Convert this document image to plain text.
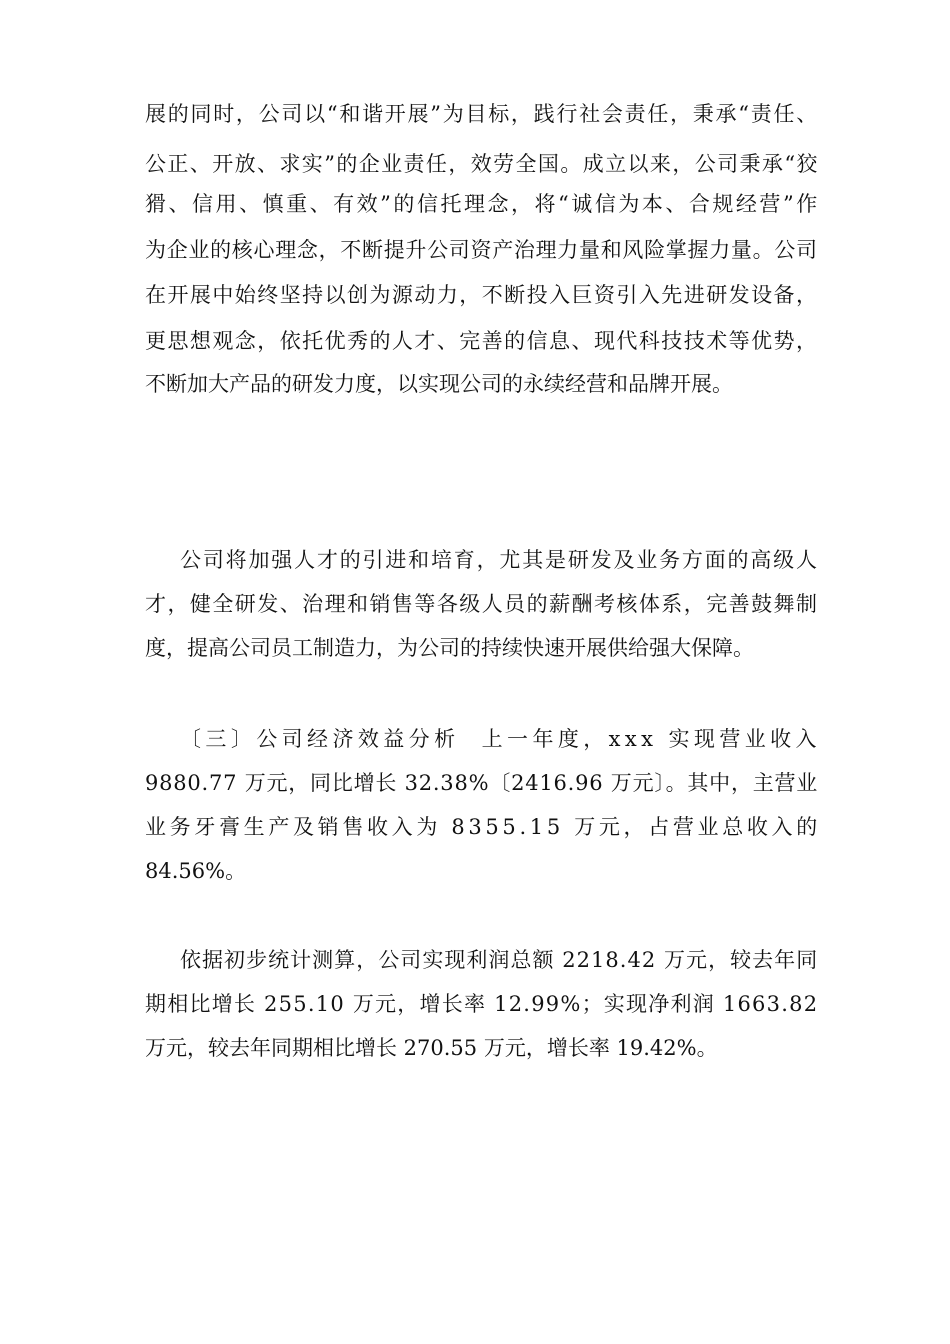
展的同时，公司以“和谐开展”为目标，践行社会责任，秉承“责任、
公正、开放、求实”的企业责任，效劳全国。成立以来，公司秉承“狡
猾、信用、慎重、有效”的信托理念，将“诚信为本、合规经营”作
为企业的核心理念，不断提升公司资产治理力量和风险掌握力量。公司
在开展中始终坚持以创为源动力，不断投入巨资引入先进研发设备，
更思想观念，依托优秀的人才、完善的信息、现代科技技术等优势，
不断加大产品的研发力度，以实现公司的永续经营和品牌开展。
公司将加强人才的引进和培育，尤其是研发及业务方面的高级人
才，健全研发、治理和销售等各级人员的薪酬考核体系，完善鼓舞制
度，提高公司员工制造力，为公司的持续快速开展供给强大保障。
〔三〕公司经济效益分析  上一年度，xxx 实现营业收入
9880.77 万元，同比增长 32.38%〔2416.96 万元〕。其中，主营业
业务牙膏生产及销售收入为 8355.15 万元，占营业总收入的
84.56%。
依据初步统计测算，公司实现利润总额 2218.42 万元，较去年同
期相比增长 255.10 万元，增长率 12.99%；实现净利润 1663.82
万元，较去年同期相比增长 270.55 万元，增长率 19.42%。
